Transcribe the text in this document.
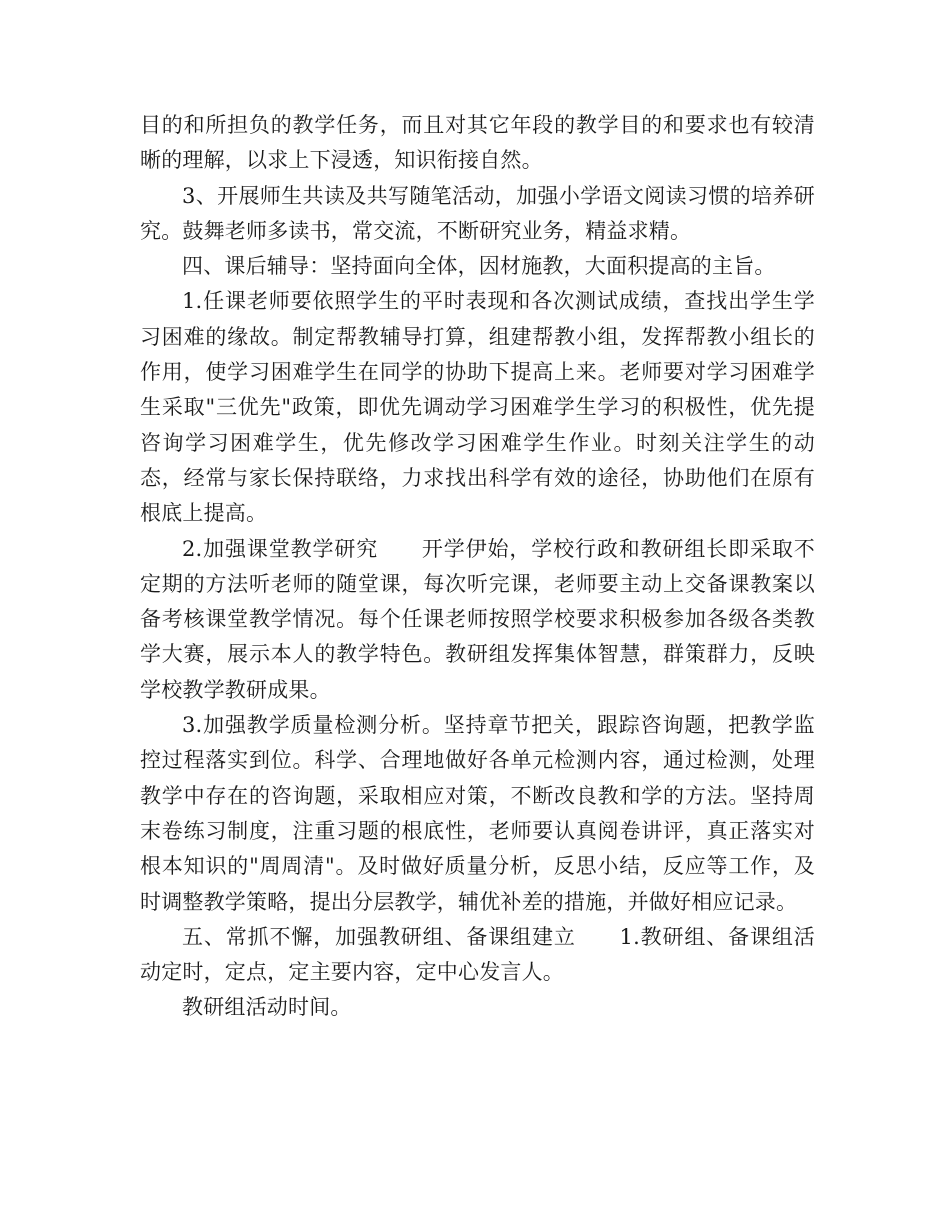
目的和所担负的教学任务，而且对其它年段的教学目的和要求也有较清晰的理解，以求上下浸透，知识衔接自然。

3、开展师生共读及共写随笔活动，加强小学语文阅读习惯的培养研究。鼓舞老师多读书，常交流，不断研究业务，精益求精。

四、课后辅导：坚持面向全体，因材施教，大面积提高的主旨。

1.任课老师要依照学生的平时表现和各次测试成绩，查找出学生学习困难的缘故。制定帮教辅导打算，组建帮教小组，发挥帮教小组长的作用，使学习困难学生在同学的协助下提高上来。老师要对学习困难学生采取"三优先"政策，即优先调动学习困难学生学习的积极性，优先提咨询学习困难学生，优先修改学习困难学生作业。时刻关注学生的动态，经常与家长保持联络，力求找出科学有效的途径，协助他们在原有根底上提高。

2.加强课堂教学研究　　开学伊始，学校行政和教研组长即采取不定期的方法听老师的随堂课，每次听完课，老师要主动上交备课教案以备考核课堂教学情况。每个任课老师按照学校要求积极参加各级各类教学大赛，展示本人的教学特色。教研组发挥集体智慧，群策群力，反映学校教学教研成果。

3.加强教学质量检测分析。坚持章节把关，跟踪咨询题，把教学监控过程落实到位。科学、合理地做好各单元检测内容，通过检测，处理教学中存在的咨询题，采取相应对策，不断改良教和学的方法。坚持周末卷练习制度，注重习题的根底性，老师要认真阅卷讲评，真正落实对根本知识的"周周清"。及时做好质量分析，反思小结，反应等工作，及时调整教学策略，提出分层教学，辅优补差的措施，并做好相应记录。

五、常抓不懈，加强教研组、备课组建立　　1.教研组、备课组活动定时，定点，定主要内容，定中心发言人。

教研组活动时间。
